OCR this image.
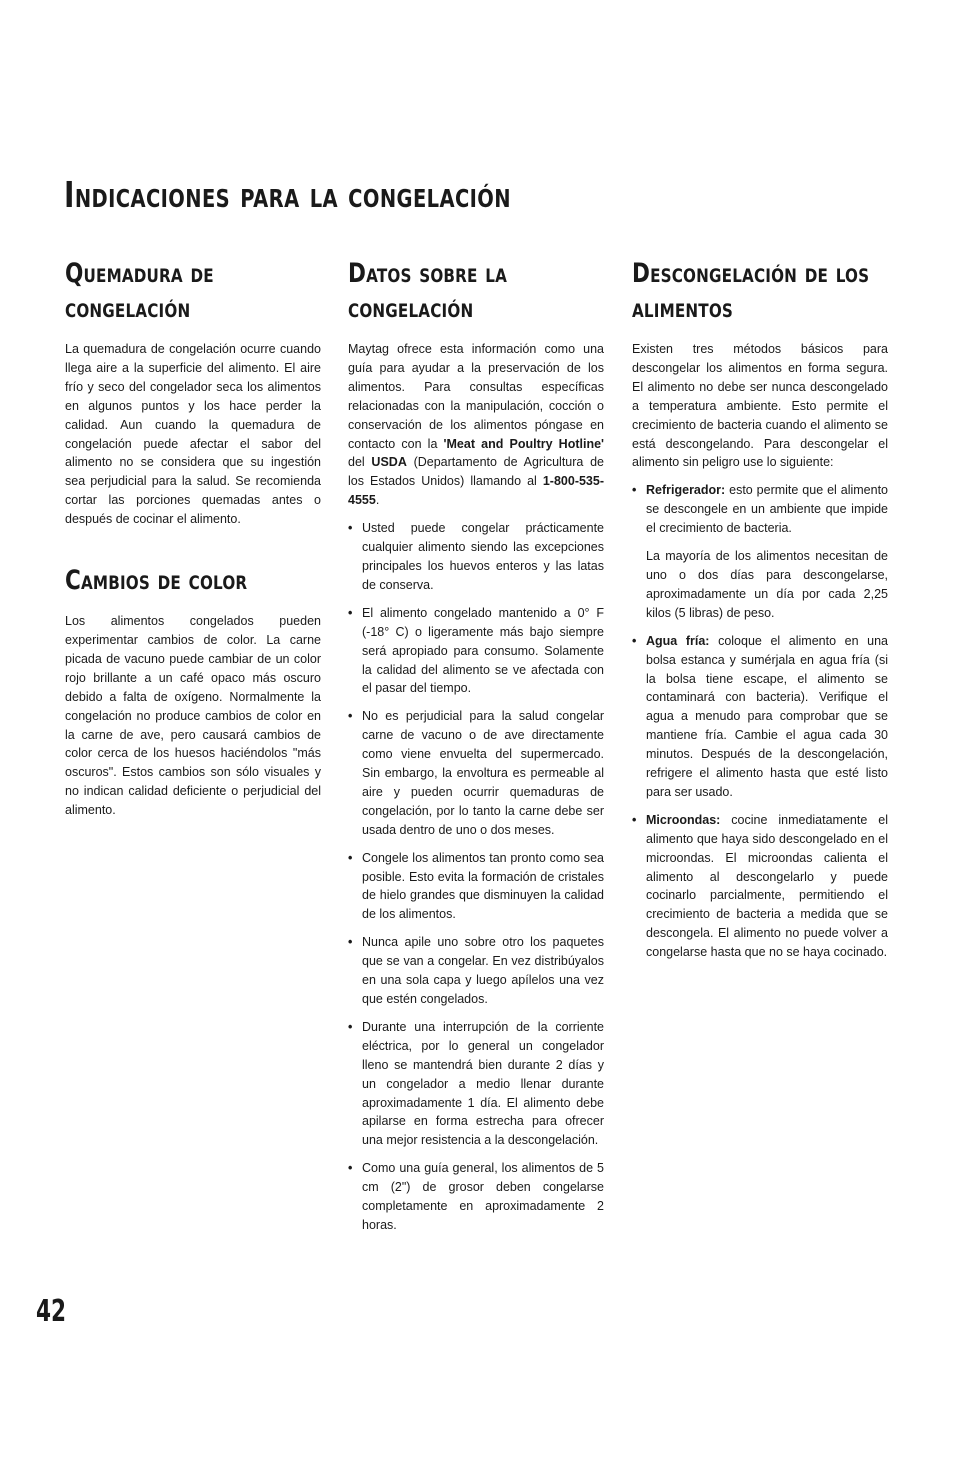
Indicaciones para la congelación
Quemadura de
congelación

La quemadura de congelación ocurre cuando llega aire a la superficie del alimento. El aire frío y seco del congelador seca los alimentos en algunos puntos y los hace perder la calidad. Aun cuando la quemadura de congelación puede afectar el sabor del alimento no se considera que su ingestión sea perjudicial para la salud. Se recomienda cortar las porciones quemadas antes o después de cocinar el alimento.

Cambios de color

Los alimentos congelados pueden experimentar cambios de color. La carne picada de vacuno puede cambiar de un color rojo brillante a un café opaco más oscuro debido a falta de oxígeno. Normalmente la congelación no produce cambios de color en la carne de ave, pero causará cambios de color cerca de los huesos haciéndolos "más oscuros". Estos cambios son sólo visuales y no indican calidad deficiente o perjudicial del alimento.

Datos sobre la
congelación

Maytag ofrece esta información como una guía para ayudar a la preservación de los alimentos. Para consultas específicas relacionadas con la manipulación, cocción o conservación de los alimentos póngase en contacto con la 'Meat and Poultry Hotline' del USDA (Departamento de Agricultura de los Estados Unidos) llamando al 1-800-535-4555.

• Usted puede congelar prácticamente cualquier alimento siendo las excepciones principales los huevos enteros y las latas de conserva.
• El alimento congelado mantenido a 0° F (-18° C) o ligeramente más bajo siempre será apropiado para consumo. Solamente la calidad del alimento se ve afectada con el pasar del tiempo.
• No es perjudicial para la salud congelar carne de vacuno o de ave directamente como viene envuelta del supermercado. Sin embargo, la envoltura es permeable al aire y pueden ocurrir quemaduras de congelación, por lo tanto la carne debe ser usada dentro de uno o dos meses.
• Congele los alimentos tan pronto como sea posible. Esto evita la formación de cristales de hielo grandes que disminuyen la calidad de los alimentos.
• Nunca apile uno sobre otro los paquetes que se van a congelar. En vez distribúyalos en una sola capa y luego apílelos una vez que estén congelados.
• Durante una interrupción de la corriente eléctrica, por lo general un congelador lleno se mantendrá bien durante 2 días y un congelador a medio llenar durante aproximadamente 1 día. El alimento debe apilarse en forma estrecha para ofrecer una mejor resistencia a la descongelación.
• Como una guía general, los alimentos de 5 cm (2") de grosor deben congelarse completamente en aproximadamente 2 horas.
Descongelación de los
alimentos

Existen tres métodos básicos para descongelar los alimentos en forma segura. El alimento no debe ser nunca descongelado a temperatura ambiente. Esto permite el crecimiento de bacteria cuando el alimento se está descongelando. Para descongelar el alimento sin peligro use lo siguiente:

• Refrigerador: esto permite que el alimento se descongele en un ambiente que impide el crecimiento de bacteria.

La mayoría de los alimentos necesitan de uno o dos días para descongelarse, aproximadamente un día por cada 2,25 kilos (5 libras) de peso.

• Agua fría: coloque el alimento en una bolsa estanca y sumérjala en agua fría (si la bolsa tiene escape, el alimento se contaminará con bacteria). Verifique el agua a menudo para comprobar que se mantiene fría. Cambie el agua cada 30 minutos. Después de la descongelación, refrigere el alimento hasta que esté listo para ser usado.
• Microondas: cocine inmediatamente el alimento que haya sido descongelado en el microondas. El microondas calienta el alimento al descongelarlo y puede cocinarlo parcialmente, permitiendo el crecimiento de bacteria a medida que se descongela. El alimento no puede volver a congelarse hasta que no se haya cocinado.
42
